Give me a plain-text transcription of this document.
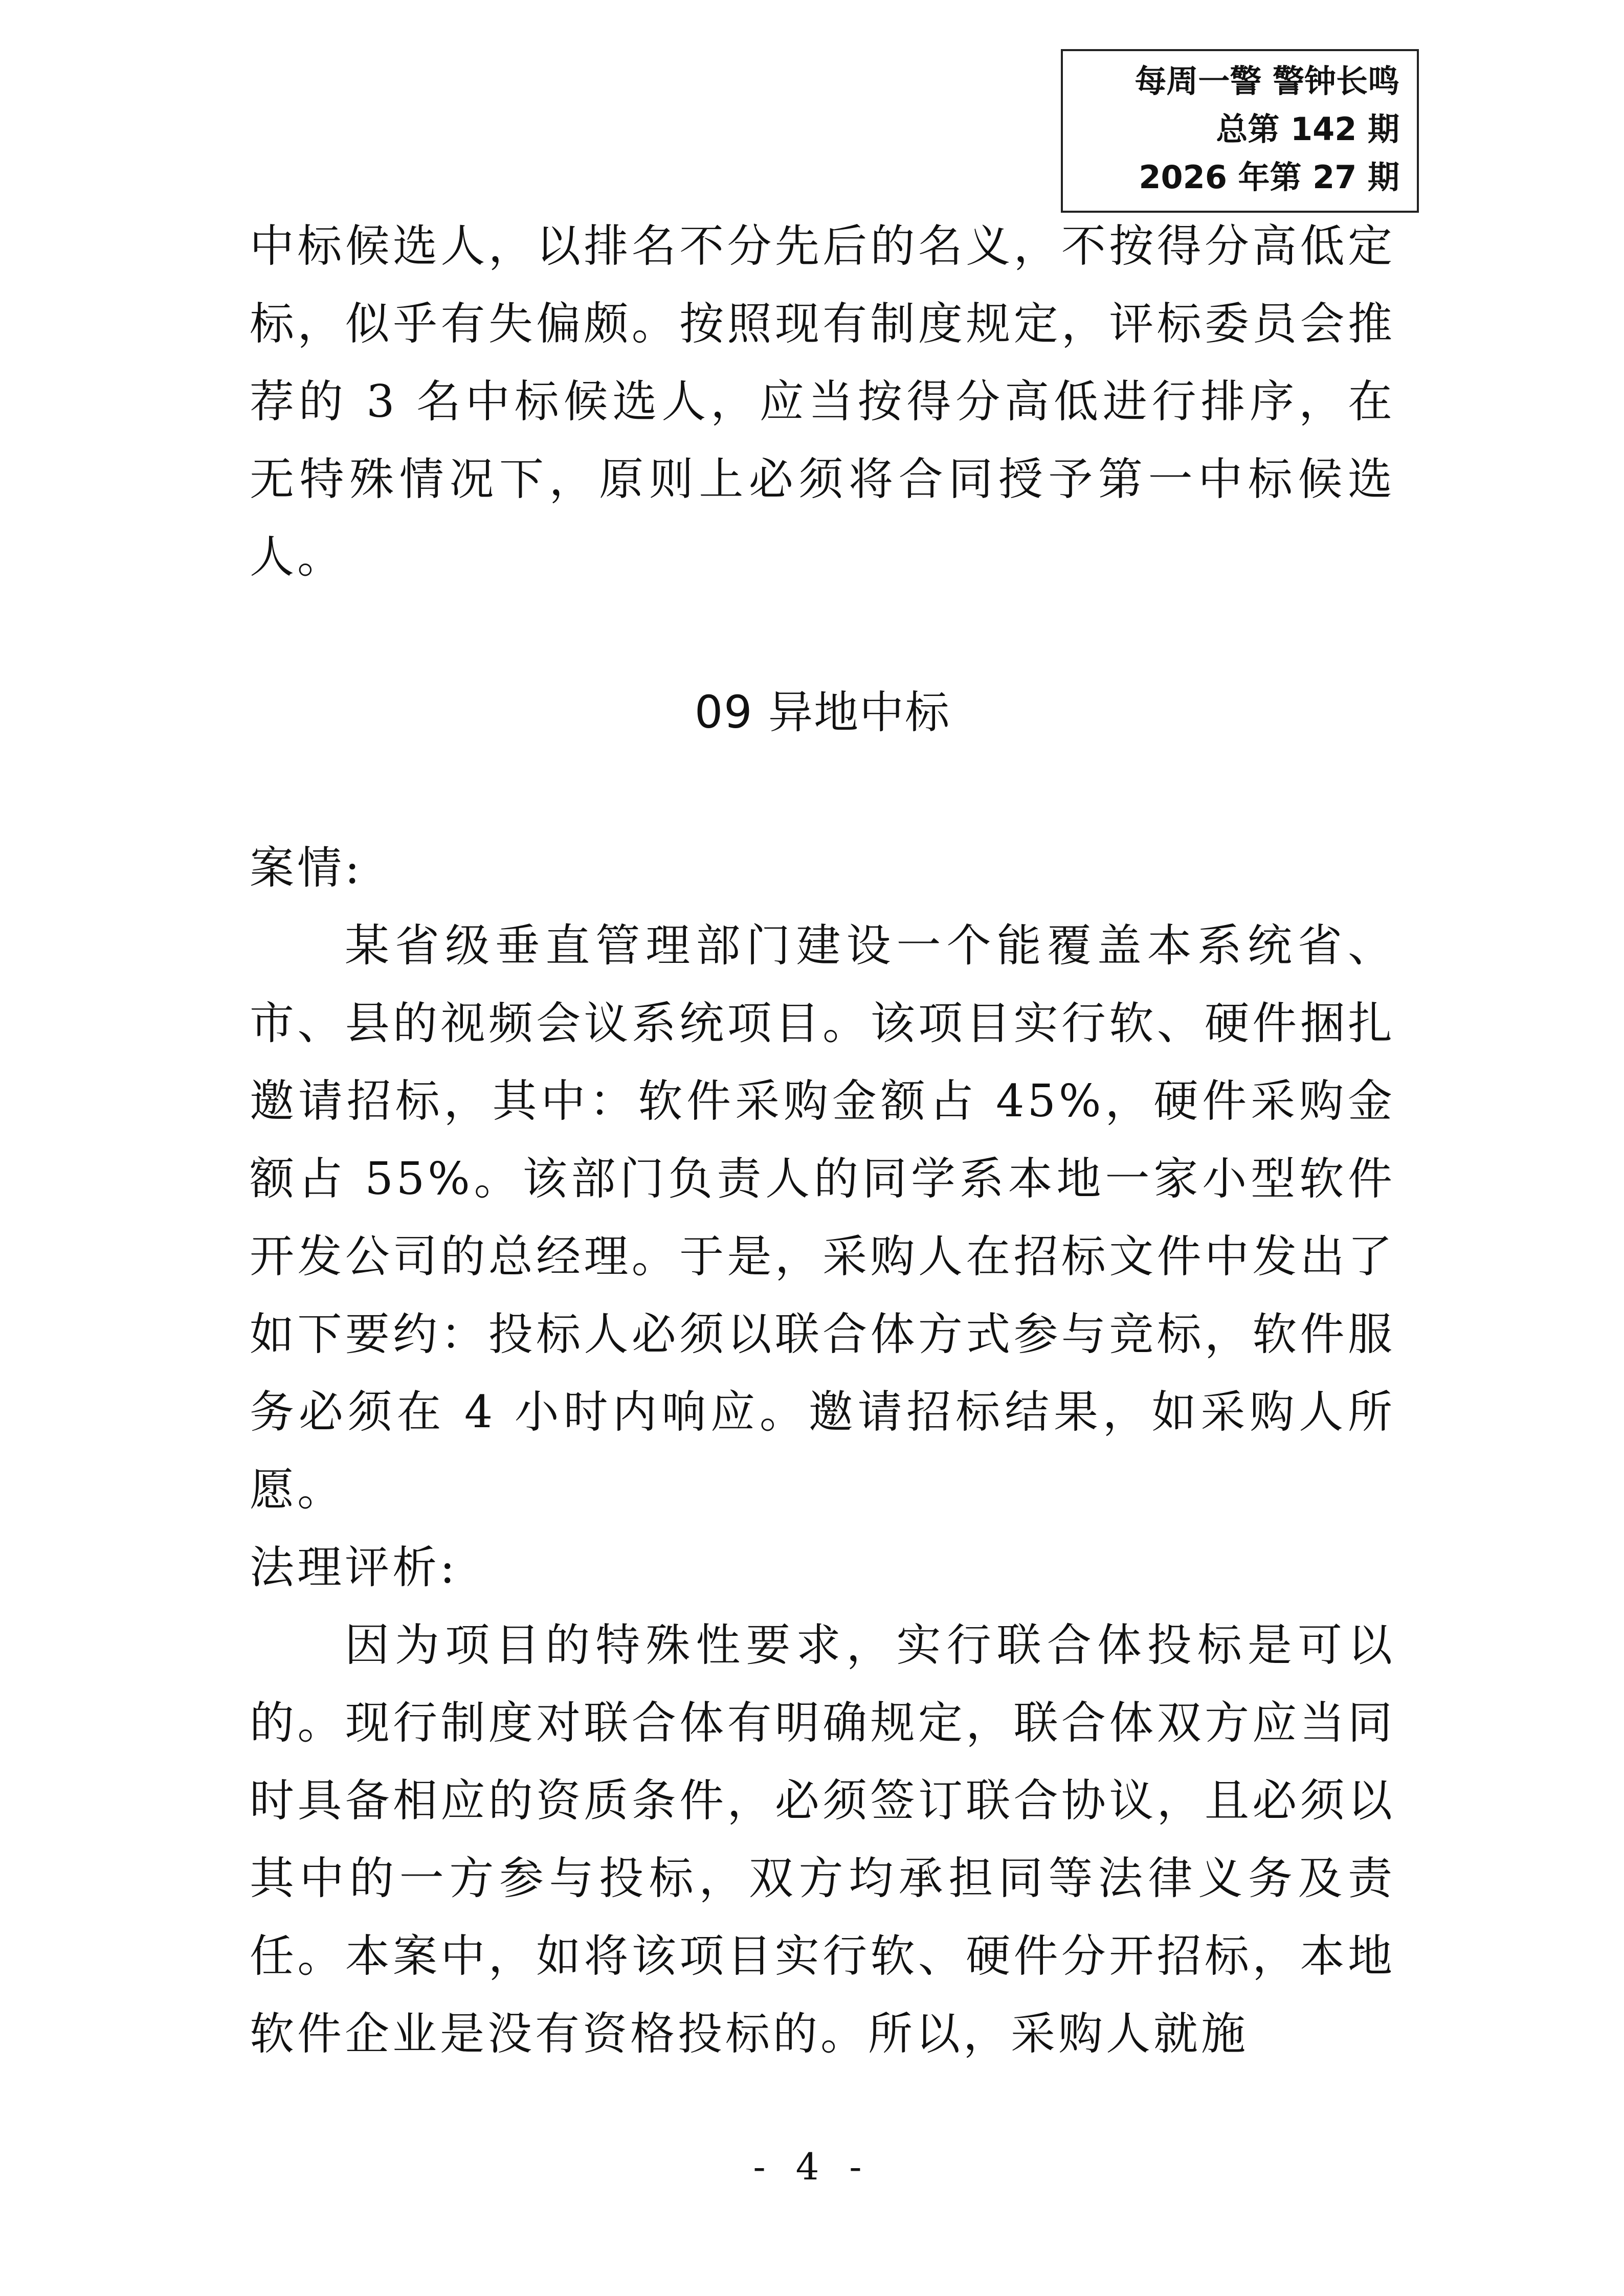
每周一警 警钟长鸣
总第 142 期
2026 年第 27 期

中标候选人，以排名不分先后的名义，不按得分高低定标，似乎有失偏颇。按照现有制度规定，评标委员会推荐的 3 名中标候选人，应当按得分高低进行排序，在无特殊情况下，原则上必须将合同授予第一中标候选人。

09 异地中标

案情:

某省级垂直管理部门建设一个能覆盖本系统省、市、县的视频会议系统项目。该项目实行软、硬件捆扎邀请招标，其中：软件采购金额占 45%，硬件采购金额占 55%。该部门负责人的同学系本地一家小型软件开发公司的总经理。于是，采购人在招标文件中发出了如下要约：投标人必须以联合体方式参与竞标，软件服务必须在 4 小时内响应。邀请招标结果，如采购人所愿。

法理评析:

因为项目的特殊性要求，实行联合体投标是可以的。现行制度对联合体有明确规定，联合体双方应当同时具备相应的资质条件，必须签订联合协议，且必须以其中的一方参与投标，双方均承担同等法律义务及责任。本案中，如将该项目实行软、硬件分开招标，本地软件企业是没有资格投标的。所以，采购人就施

- 4 -
